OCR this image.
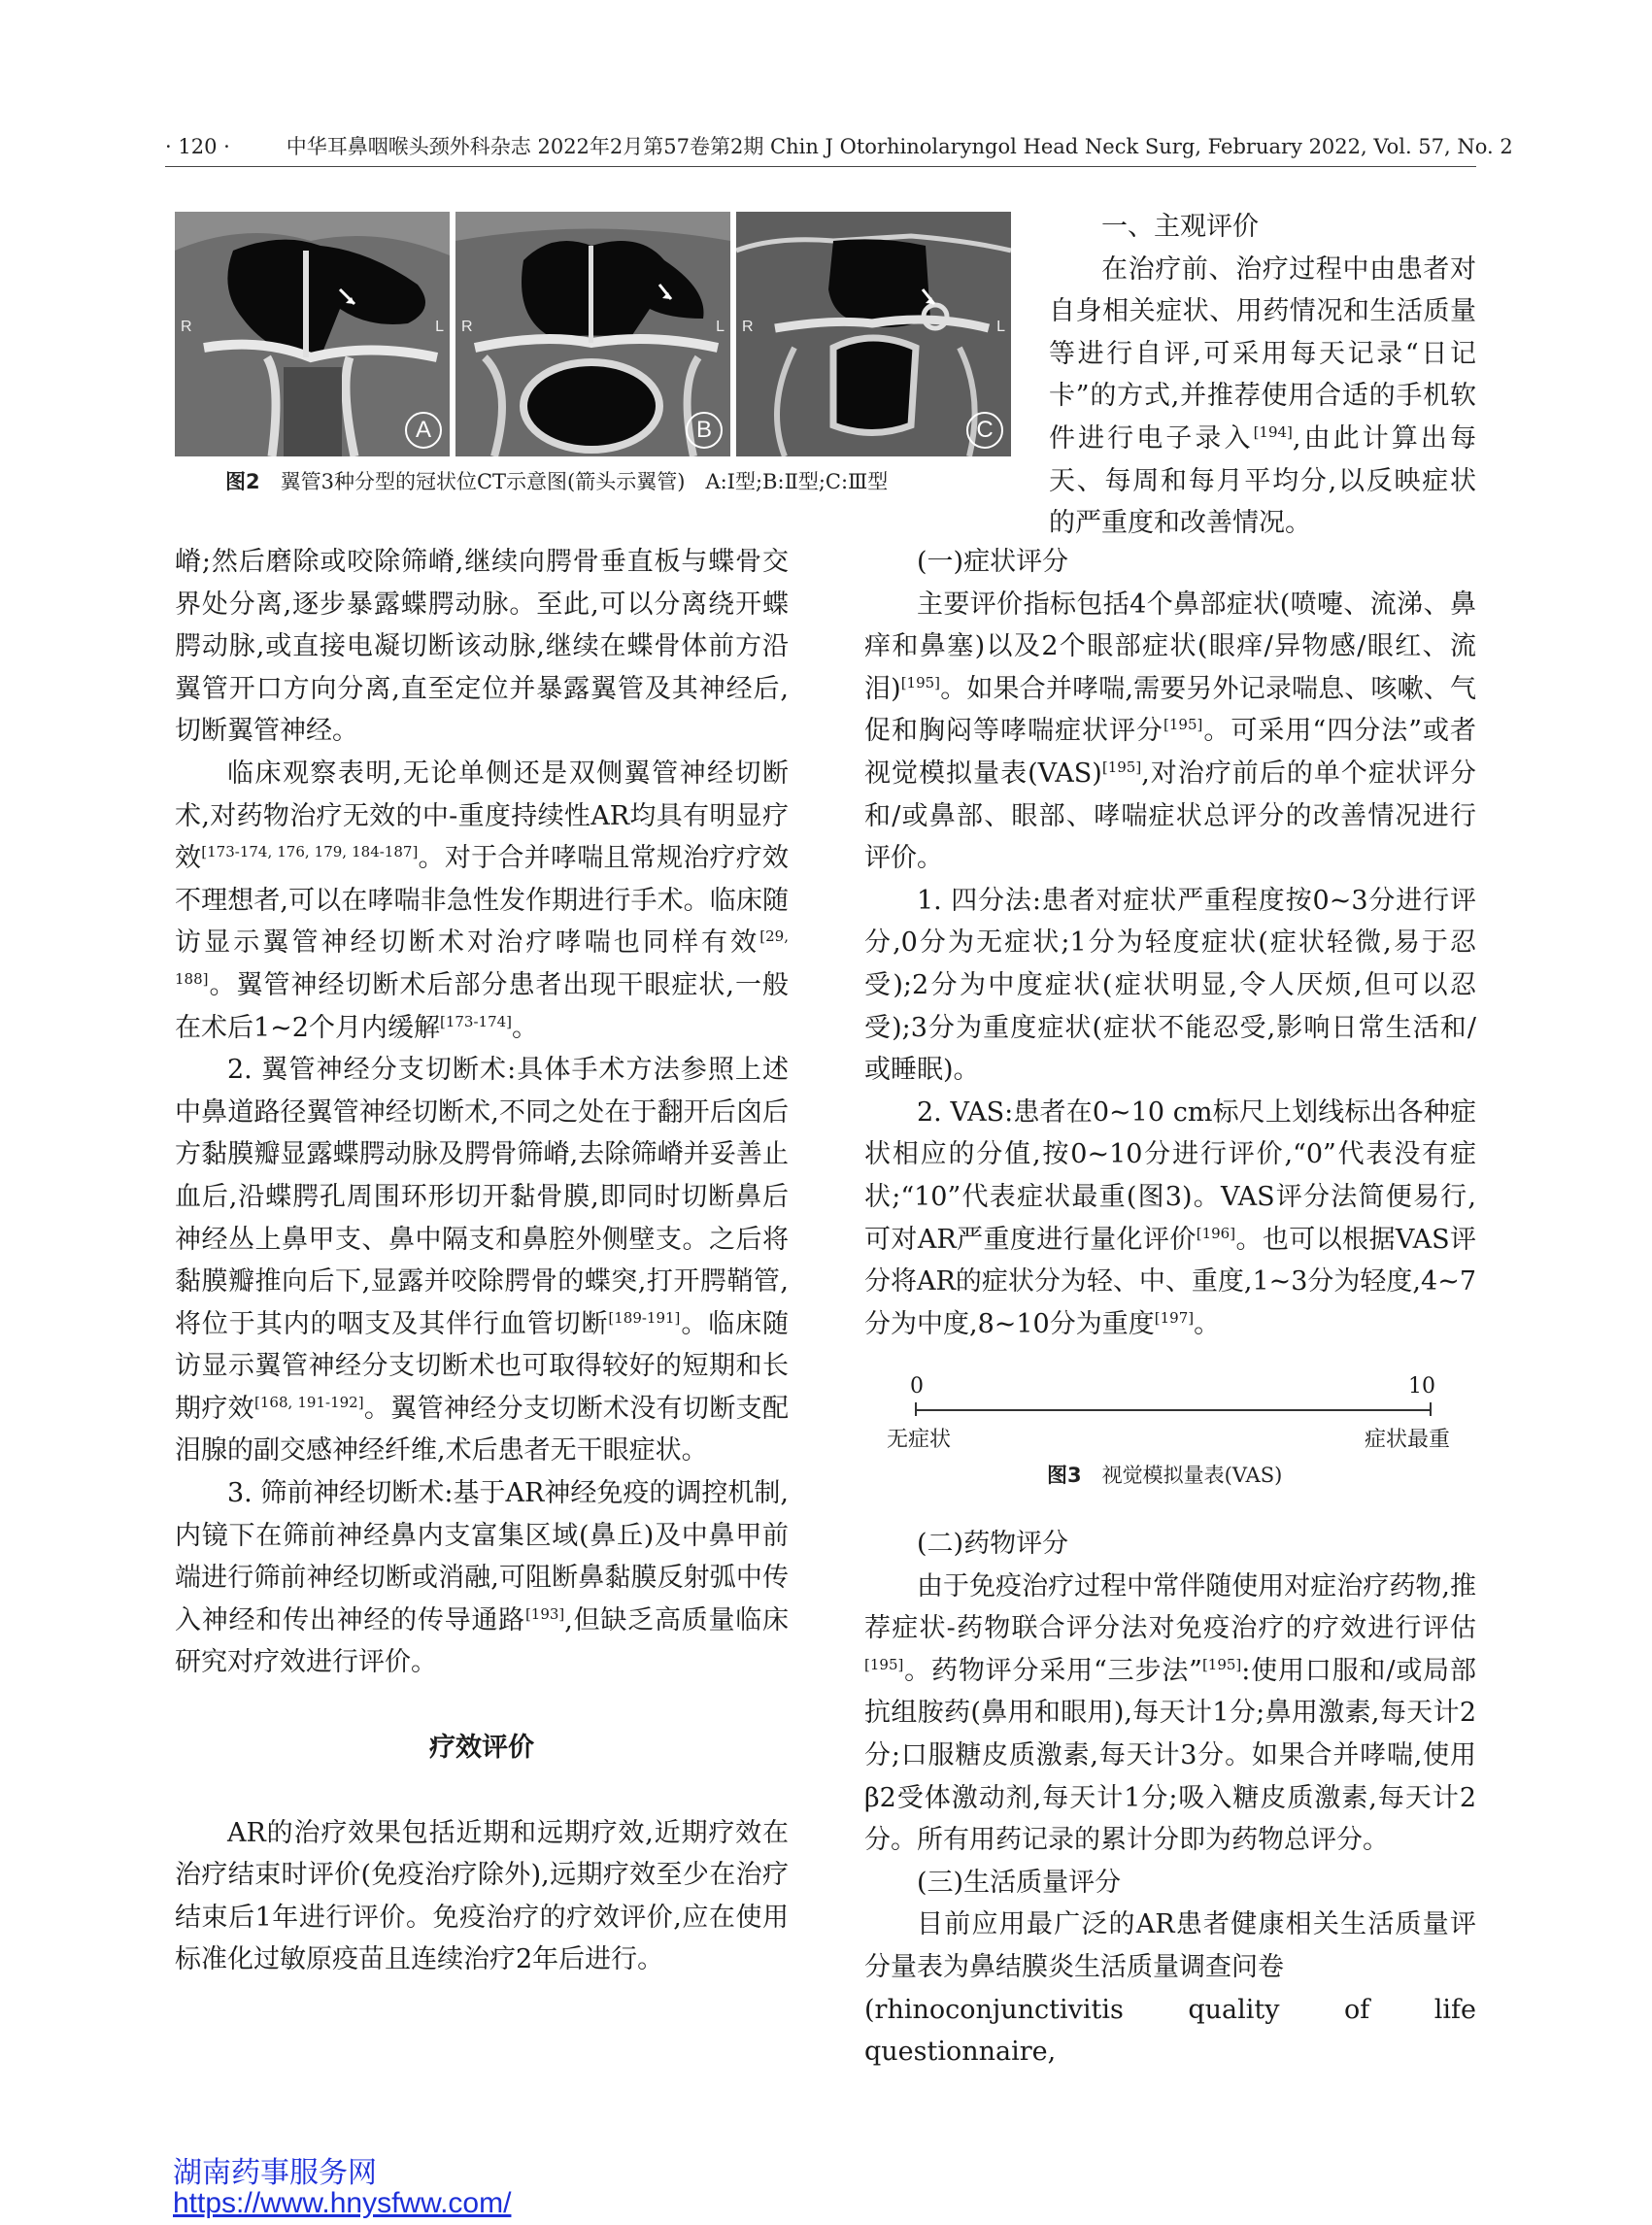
· 120 ·	中华耳鼻咽喉头颈外科杂志 2022年2月第57卷第2期 Chin J Otorhinolaryngol Head Neck Surg, February 2022, Vol. 57, No. 2
R	L
A
R	L
B
R	L
C
图2　 翼管3种分型的冠状位CT示意图(箭头示翼管)　A:Ⅰ型;B:Ⅱ型;C:Ⅲ型

一、主观评价

在治疗前、治疗过程中由患者对自身相关症状、用药情况和生活质量等进行自评,可采用每天记录“日记卡”的方式,并推荐使用合适的手机软件进行电子录入[194],由此计算出每天、每周和每月平均分,以反映症状的严重度和改善情况。

嵴;然后磨除或咬除筛嵴,继续向腭骨垂直板与蝶骨交界处分离,逐步暴露蝶腭动脉。至此,可以分离绕开蝶腭动脉,或直接电凝切断该动脉,继续在蝶骨体前方沿翼管开口方向分离,直至定位并暴露翼管及其神经后,切断翼管神经。

临床观察表明,无论单侧还是双侧翼管神经切断术,对药物治疗无效的中-重度持续性AR均具有明显疗效[173-174, 176, 179, 184-187]。对于合并哮喘且常规治疗疗效不理想者,可以在哮喘非急性发作期进行手术。临床随访显示翼管神经切断术对治疗哮喘也同样有效[29, 188]。翼管神经切断术后部分患者出现干眼症状,一般在术后1~2个月内缓解[173-174]。

2. 翼管神经分支切断术:具体手术方法参照上述中鼻道路径翼管神经切断术,不同之处在于翻开后囟后方黏膜瓣显露蝶腭动脉及腭骨筛嵴,去除筛嵴并妥善止血后,沿蝶腭孔周围环形切开黏骨膜,即同时切断鼻后神经丛上鼻甲支、鼻中隔支和鼻腔外侧壁支。之后将黏膜瓣推向后下,显露并咬除腭骨的蝶突,打开腭鞘管,将位于其内的咽支及其伴行血管切断[189-191]。临床随访显示翼管神经分支切断术也可取得较好的短期和长期疗效[168, 191-192]。翼管神经分支切断术没有切断支配泪腺的副交感神经纤维,术后患者无干眼症状。

3. 筛前神经切断术:基于AR神经免疫的调控机制,内镜下在筛前神经鼻内支富集区域(鼻丘)及中鼻甲前端进行筛前神经切断或消融,可阻断鼻黏膜反射弧中传入神经和传出神经的传导通路[193],但缺乏高质量临床研究对疗效进行评价。

疗效评价

AR的治疗效果包括近期和远期疗效,近期疗效在治疗结束时评价(免疫治疗除外),远期疗效至少在治疗结束后1年进行评价。免疫治疗的疗效评价,应在使用标准化过敏原疫苗且连续治疗2年后进行。

(一)症状评分

主要评价指标包括4个鼻部症状(喷嚏、流涕、鼻痒和鼻塞)以及2个眼部症状(眼痒/异物感/眼红、流泪)[195]。如果合并哮喘,需要另外记录喘息、咳嗽、气促和胸闷等哮喘症状评分[195]。可采用“四分法”或者视觉模拟量表(VAS)[195],对治疗前后的单个症状评分和/或鼻部、眼部、哮喘症状总评分的改善情况进行评价。

1. 四分法:患者对症状严重程度按0~3分进行评分,0分为无症状;1分为轻度症状(症状轻微,易于忍受);2分为中度症状(症状明显,令人厌烦,但可以忍受);3分为重度症状(症状不能忍受,影响日常生活和/或睡眠)。

2. VAS:患者在0~10 cm标尺上划线标出各种症状相应的分值,按0~10分进行评价,“0”代表没有症状;“10”代表症状最重(图3)。VAS评分法简便易行,可对AR严重度进行量化评价[196]。也可以根据VAS评分将AR的症状分为轻、中、重度,1~3分为轻度,4~7分为中度,8~10分为重度[197]。

0	10
无症状	症状最重
图3　 视觉模拟量表(VAS)

(二)药物评分

由于免疫治疗过程中常伴随使用对症治疗药物,推荐症状-药物联合评分法对免疫治疗的疗效进行评估[195]。药物评分采用“三步法”[195]:使用口服和/或局部抗组胺药(鼻用和眼用),每天计1分;鼻用激素,每天计2分;口服糖皮质激素,每天计3分。如果合并哮喘,使用β2受体激动剂,每天计1分;吸入糖皮质激素,每天计2分。所有用药记录的累计分即为药物总评分。

(三)生活质量评分

目前应用最广泛的AR患者健康相关生活质量评分量表为鼻结膜炎生活质量调查问卷

(rhinoconjunctivitis quality of life questionnaire,

湖南药事服务网
https://www.hnysfww.com/
